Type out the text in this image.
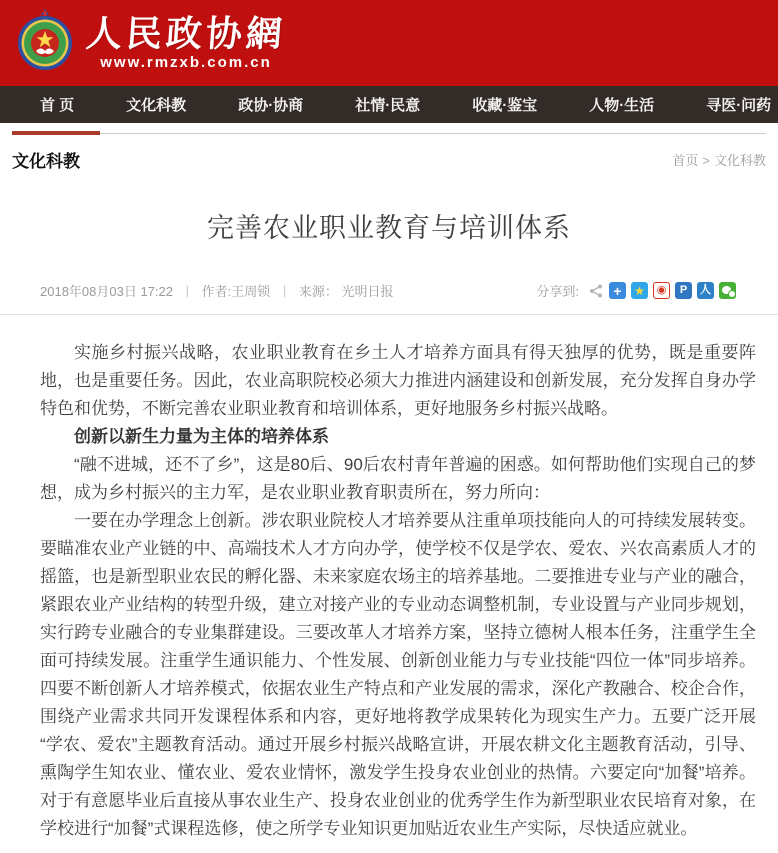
人民政协網
www.rmzxb.com.cn
首 页	文化科教	政协·协商	社情·民意	收藏·鉴宝	人物·生活	寻医·问药
文化科教	首页 > 文化科教
完善农业职业教育与培训体系
2018年08月03日 17:22 | 作者:王周锁 | 来源： 光明日报	分享到:	+	★	◉	P	人

实施乡村振兴战略，农业职业教育在乡土人才培养方面具有得天独厚的优势，既是重要阵地，也是重要任务。因此，农业高职院校必须大力推进内涵建设和创新发展，充分发挥自身办学特色和优势，不断完善农业职业教育和培训体系，更好地服务乡村振兴战略。

创新以新生力量为主体的培养体系

“融不进城，还不了乡”，这是80后、90后农村青年普遍的困惑。如何帮助他们实现自己的梦想，成为乡村振兴的主力军，是农业职业教育职责所在，努力所向：

一要在办学理念上创新。涉农职业院校人才培养要从注重单项技能向人的可持续发展转变。要瞄准农业产业链的中、高端技术人才方向办学，使学校不仅是学农、爱农、兴农高素质人才的摇篮，也是新型职业农民的孵化器、未来家庭农场主的培养基地。二要推进专业与产业的融合，紧跟农业产业结构的转型升级，建立对接产业的专业动态调整机制，专业设置与产业同步规划，实行跨专业融合的专业集群建设。三要改革人才培养方案，坚持立德树人根本任务，注重学生全面可持续发展。注重学生通识能力、个性发展、创新创业能力与专业技能“四位一体”同步培养。四要不断创新人才培养模式，依据农业生产特点和产业发展的需求，深化产教融合、校企合作，围绕产业需求共同开发课程体系和内容，更好地将教学成果转化为现实生产力。五要广泛开展“学农、爱农”主题教育活动。通过开展乡村振兴战略宣讲，开展农耕文化主题教育活动，引导、熏陶学生知农业、懂农业、爱农业情怀，激发学生投身农业创业的热情。六要定向“加餐”培养。对于有意愿毕业后直接从事农业生产、投身农业创业的优秀学生作为新型职业农民培育对象，在学校进行“加餐”式课程选修，使之所学专业知识更加贴近农业生产实际，尽快适应就业。
